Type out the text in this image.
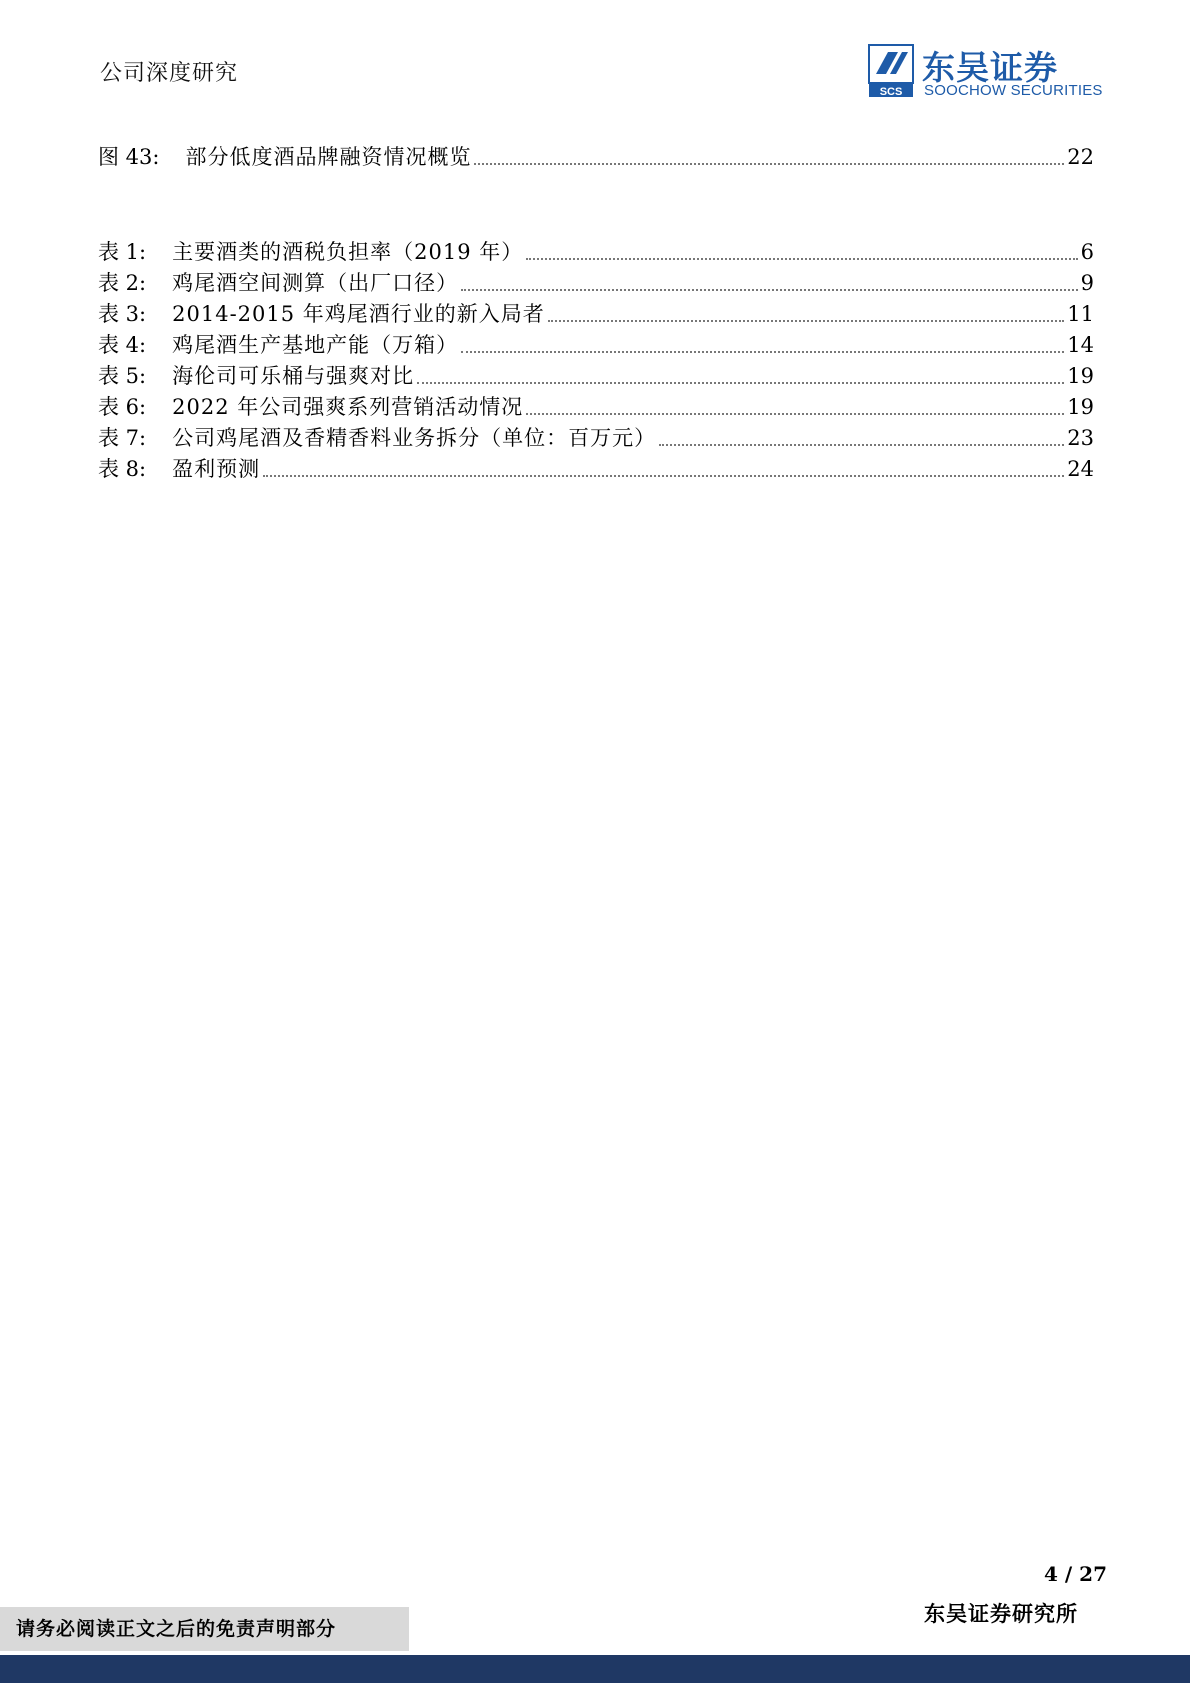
公司深度研究
SCS
东吴证券
SOOCHOW SECURITIES
图 43: 部分低度酒品牌融资情况概览	22
表 1: 主要酒类的酒税负担率（2019 年）	6
表 2: 鸡尾酒空间测算（出厂口径）	9
表 3: 2014-2015 年鸡尾酒行业的新入局者	11
表 4: 鸡尾酒生产基地产能（万箱）	14
表 5: 海伦司可乐桶与强爽对比	19
表 6: 2022 年公司强爽系列营销活动情况	19
表 7: 公司鸡尾酒及香精香料业务拆分（单位：百万元）	23
表 8: 盈利预测	24
4 / 27
请务必阅读正文之后的免责声明部分
东吴证券研究所
